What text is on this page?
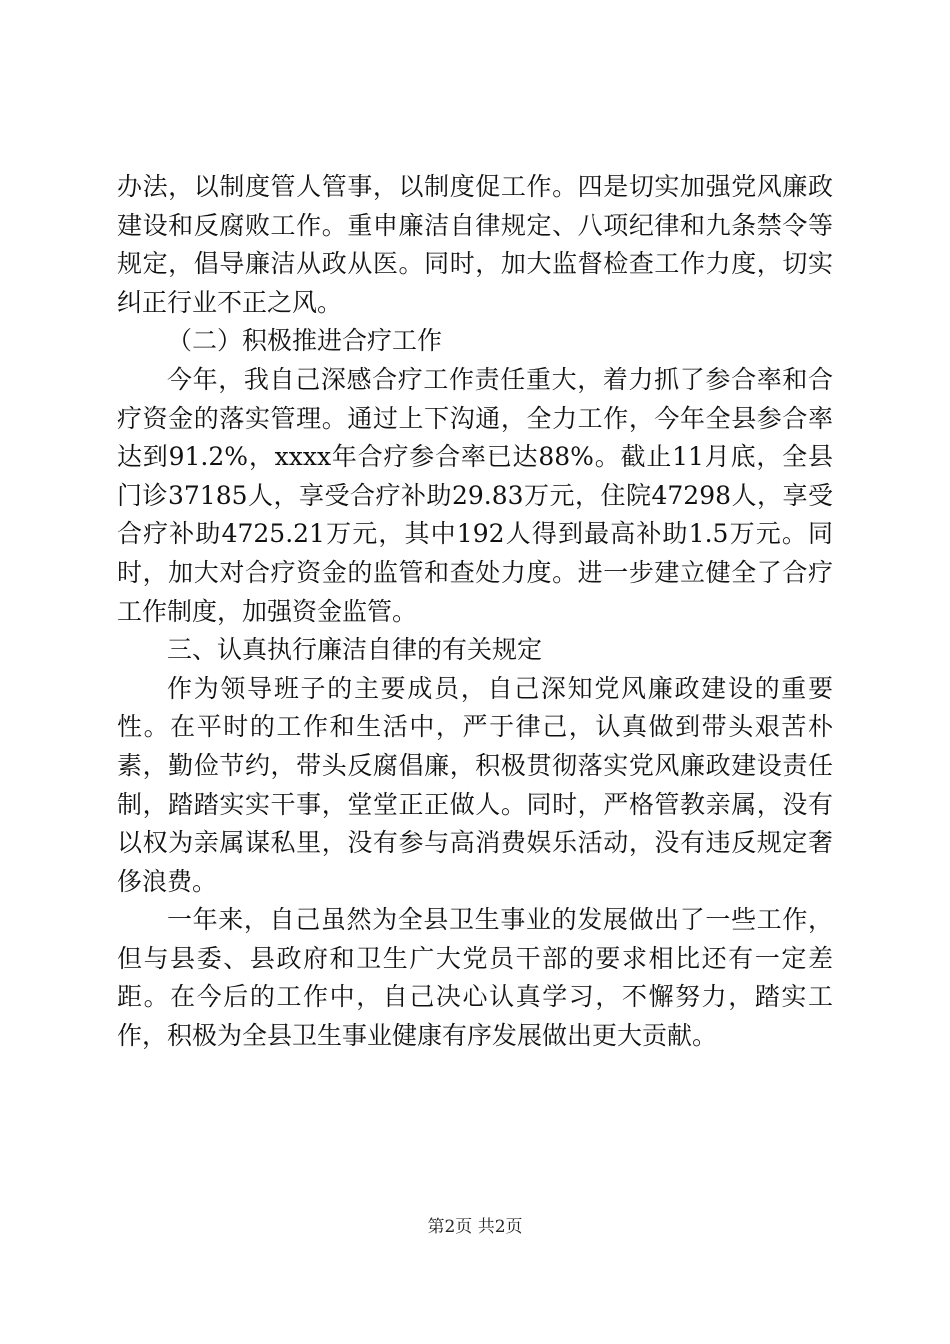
办法，以制度管人管事，以制度促工作。四是切实加强党风廉政建设和反腐败工作。重申廉洁自律规定、八项纪律和九条禁令等规定，倡导廉洁从政从医。同时，加大监督检查工作力度，切实纠正行业不正之风。

（二）积极推进合疗工作

今年，我自己深感合疗工作责任重大，着力抓了参合率和合疗资金的落实管理。通过上下沟通，全力工作，今年全县参合率达到91.2%，xxxx年合疗参合率已达88%。截止11月底，全县门诊37185人，享受合疗补助29.83万元，住院47298人，享受合疗补助4725.21万元，其中192人得到最高补助1.5万元。同时，加大对合疗资金的监管和查处力度。进一步建立健全了合疗工作制度，加强资金监管。

三、认真执行廉洁自律的有关规定

作为领导班子的主要成员，自己深知党风廉政建设的重要性。在平时的工作和生活中，严于律己，认真做到带头艰苦朴素，勤俭节约，带头反腐倡廉，积极贯彻落实党风廉政建设责任制，踏踏实实干事，堂堂正正做人。同时，严格管教亲属，没有以权为亲属谋私里，没有参与高消费娱乐活动，没有违反规定奢侈浪费。

一年来，自己虽然为全县卫生事业的发展做出了一些工作，但与县委、县政府和卫生广大党员干部的要求相比还有一定差距。在今后的工作中，自己决心认真学习，不懈努力，踏实工作，积极为全县卫生事业健康有序发展做出更大贡献。

第2页 共2页
